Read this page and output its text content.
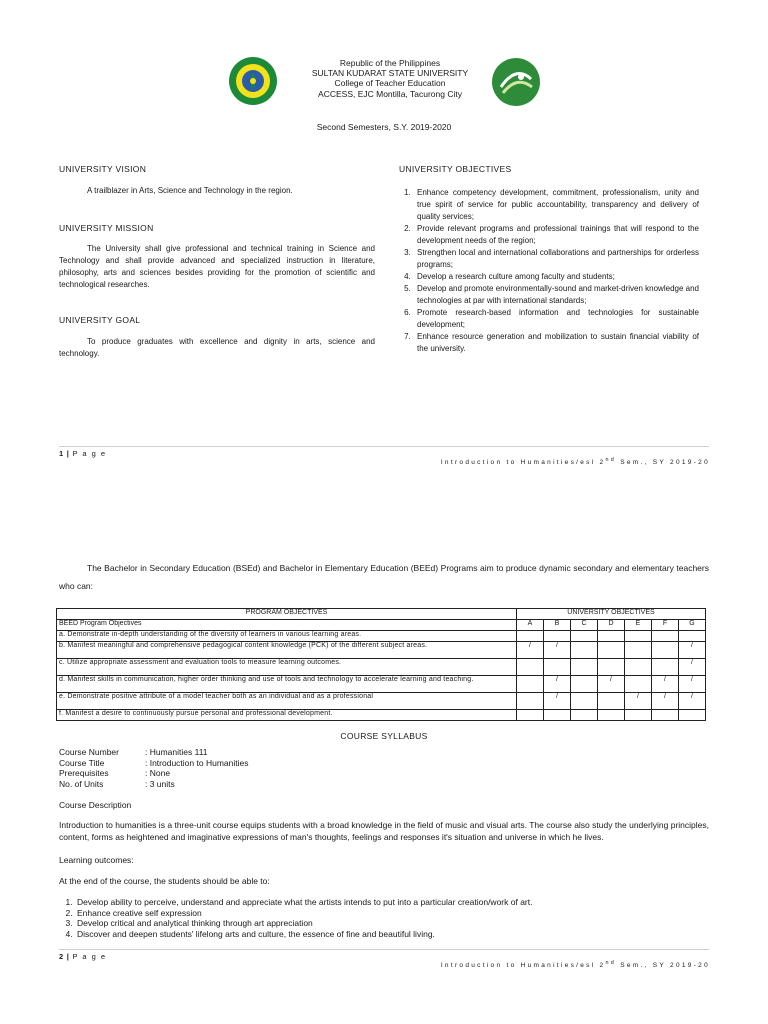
Republic of the Philippines
SULTAN KUDARAT STATE UNIVERSITY
College of Teacher Education
ACCESS, EJC Montilla, Tacurong City
Second Semesters, S.Y. 2019-2020
UNIVERSITY VISION

A trailblazer in Arts, Science and Technology in the region.

UNIVERSITY MISSION

The University shall give professional and technical training in Science and Technology and shall provide advanced and specialized instruction in literature, philosophy, arts and sciences besides providing for the promotion of scientific and technological researches.

UNIVERSITY GOAL

To produce graduates with excellence and dignity in arts, science and technology.

UNIVERSITY OBJECTIVES
1. Enhance competency development, commitment, professionalism, unity and true spirit of service for public accountability, transparency and delivery of quality services;
2. Provide relevant programs and professional trainings that will respond to the development needs of the region;
3. Strengthen local and international collaborations and partnerships for orderless programs;
4. Develop a research culture among faculty and students;
5. Develop and promote environmentally-sound and market-driven knowledge and technologies at par with international standards;
6. Promote research-based information and technologies for sustainable development;
7. Enhance resource generation and mobilization to sustain financial viability of the university.
1 | P a g e
Introduction to Humanities/esl 2nd Sem., SY 2019-20

The Bachelor in Secondary Education (BSEd) and Bachelor in Elementary Education (BEEd) Programs aim to produce dynamic secondary and elementary teachers who can:

PROGRAM OBJECTIVES	UNIVERSITY OBJECTIVES						
BEED Program Objectives	A	B	C	D	E	F	G
a. Demonstrate in-depth understanding of the diversity of learners in various learning areas.							
b. Manifest meaningful and comprehensive pedagogical content knowledge (PCK) of the different subject areas.	/	/					/
c. Utilize appropriate assessment and evaluation tools to measure learning outcomes.							/
d. Manifest skills in communication, higher order thinking and use of tools and technology to accelerate learning and teaching.		/		/		/	/
e. Demonstrate positive attribute of a model teacher both as an individual and as a professional		/			/	/	/
f. Manifest a desire to continuously pursue personal and professional development.							
COURSE SYLLABUS
Course Number	: Humanities 111
Course Title	: Introduction to Humanities
Prerequisites	: None
No. of Units	: 3 units
Course Description

Introduction to humanities is a three-unit course equips students with a broad knowledge in the field of music and visual arts. The course also study the underlying principles, content, forms as heightened and imaginative expressions of man's thoughts, feelings and responses it's situation and universe in which he lives.

Learning outcomes:
At the end of the course, the students should be able to:
1. Develop ability to perceive, understand and appreciate what the artists intends to put into a particular creation/work of art.
2. Enhance creative self expression
3. Develop critical and analytical thinking through art appreciation
4. Discover and deepen students' lifelong arts and culture, the essence of fine and beautiful living.
2 | P a g e
Introduction to Humanities/esl 2nd Sem., SY 2019-20
